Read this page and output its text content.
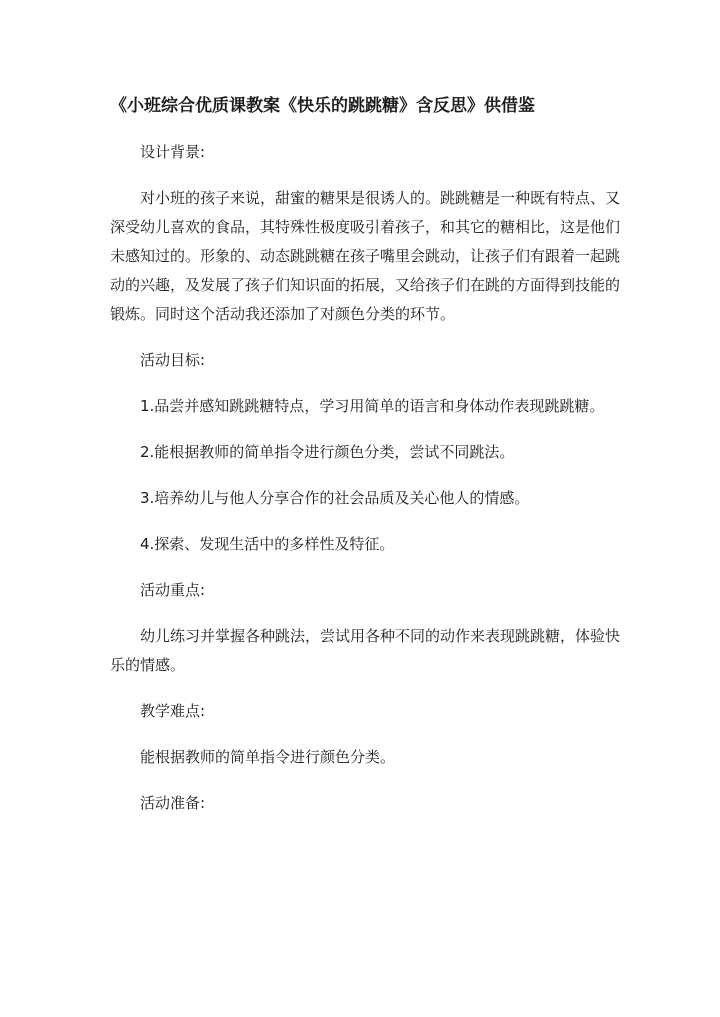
《小班综合优质课教案《快乐的跳跳糖》含反思》供借鉴

设计背景:

对小班的孩子来说，甜蜜的糖果是很诱人的。跳跳糖是一种既有特点、又深受幼儿喜欢的食品，其特殊性极度吸引着孩子，和其它的糖相比，这是他们未感知过的。形象的、动态跳跳糖在孩子嘴里会跳动，让孩子们有跟着一起跳动的兴趣，及发展了孩子们知识面的拓展，又给孩子们在跳的方面得到技能的锻炼。同时这个活动我还添加了对颜色分类的环节。

活动目标:

1.品尝并感知跳跳糖特点，学习用简单的语言和身体动作表现跳跳糖。

2.能根据教师的简单指令进行颜色分类，尝试不同跳法。

3.培养幼儿与他人分享合作的社会品质及关心他人的情感。

4.探索、发现生活中的多样性及特征。

活动重点:

幼儿练习并掌握各种跳法，尝试用各种不同的动作来表现跳跳糖，体验快乐的情感。

教学难点:

能根据教师的简单指令进行颜色分类。

活动准备:
